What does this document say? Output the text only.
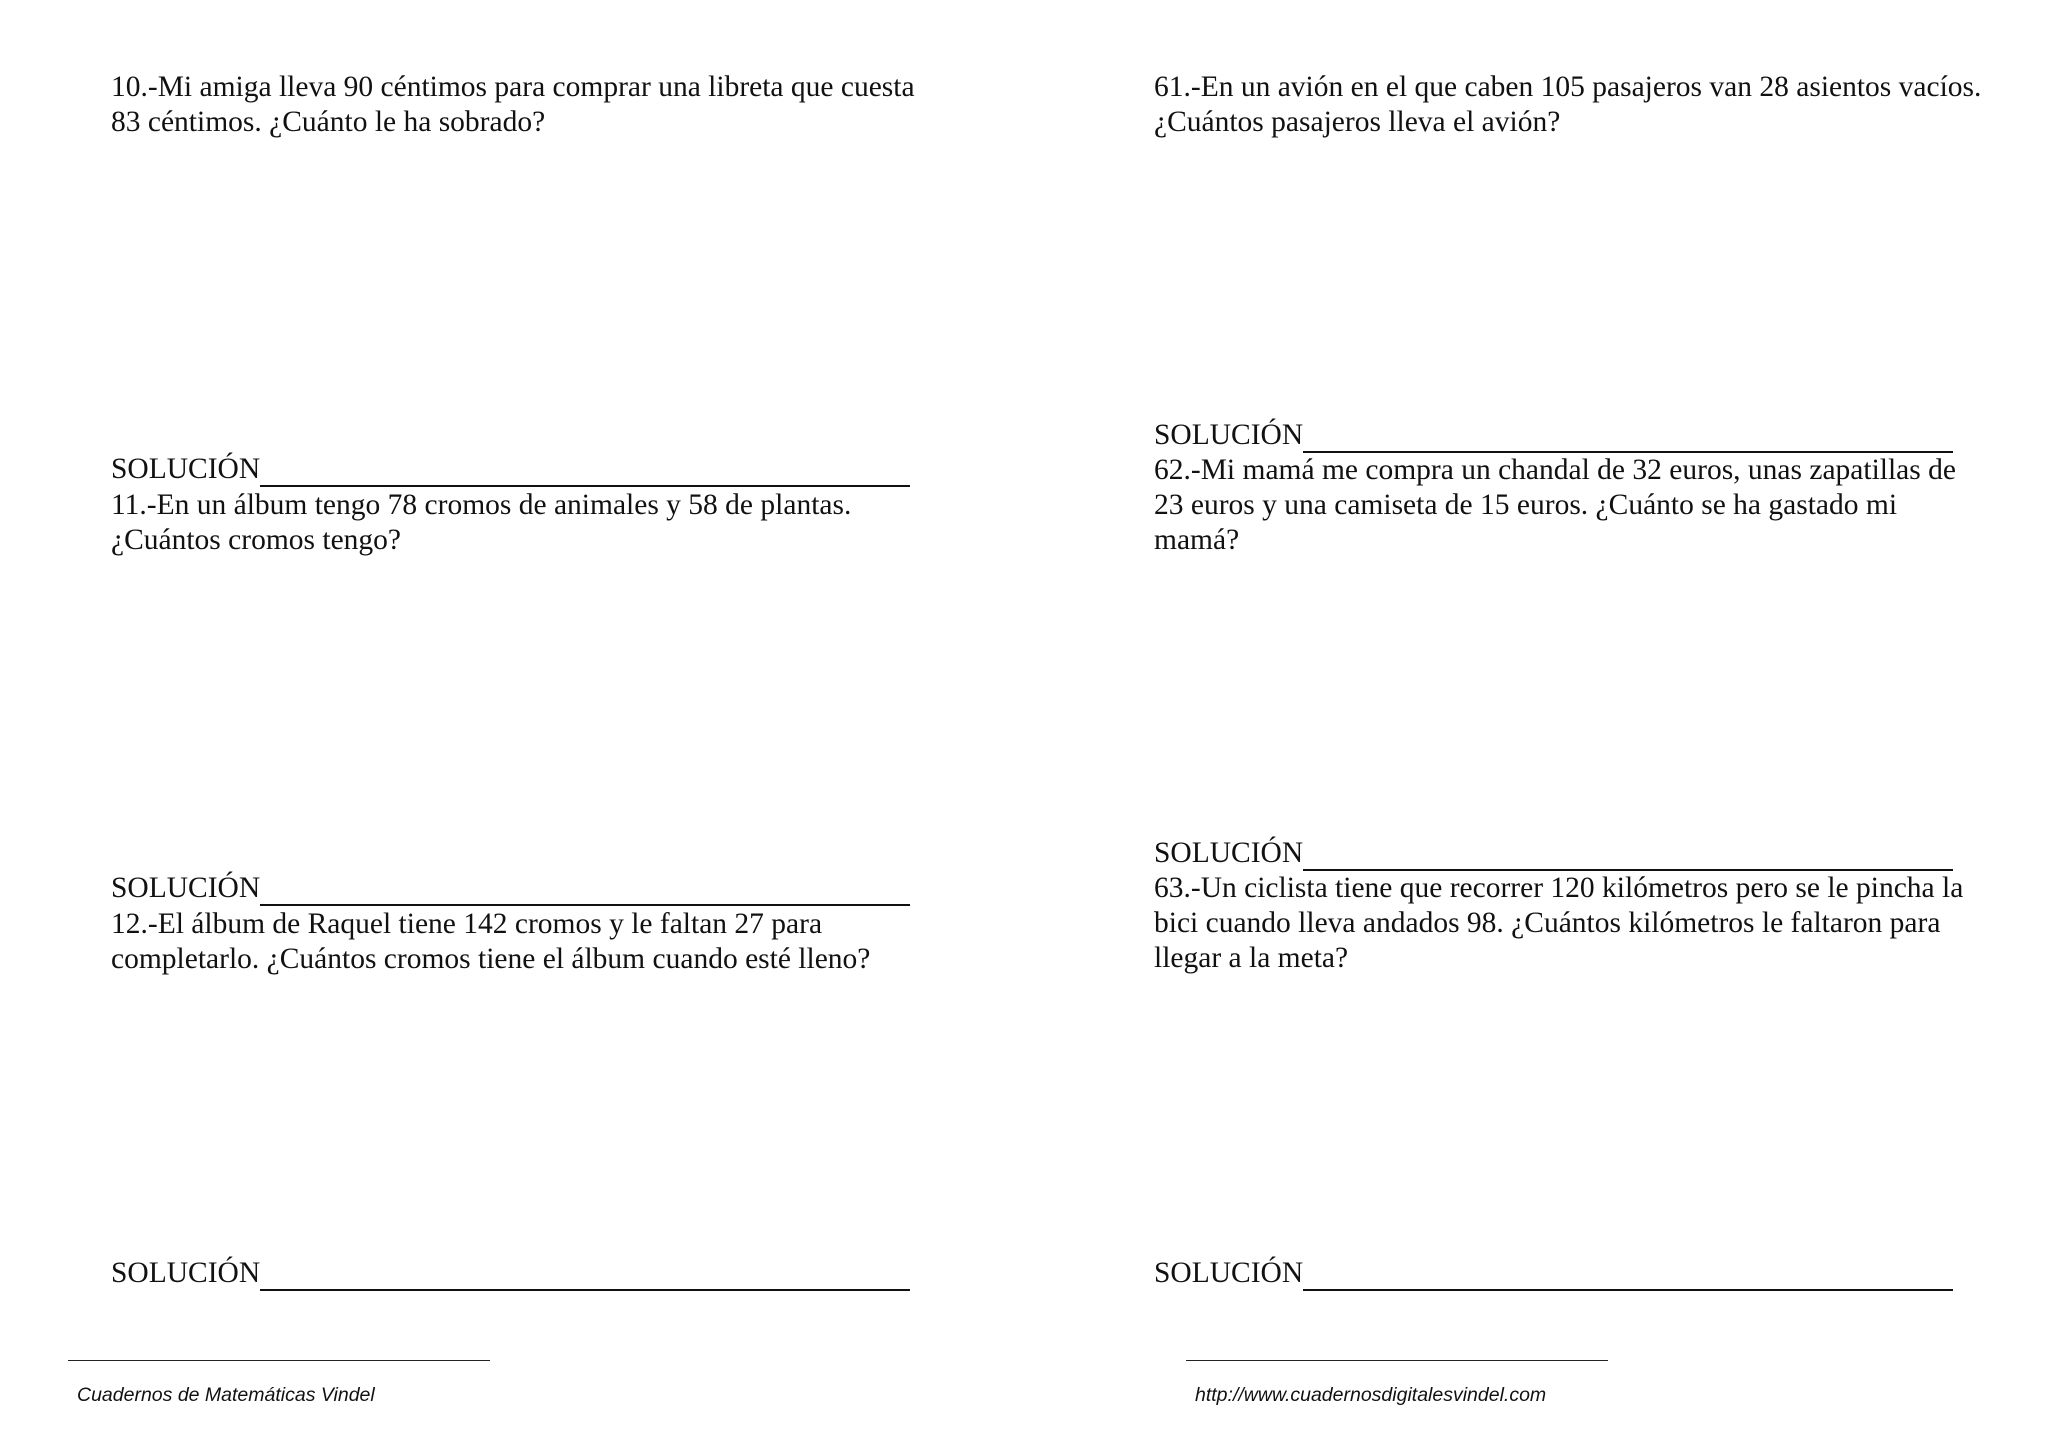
10.-Mi amiga lleva 90 céntimos para comprar una libreta que cuesta 83 céntimos. ¿Cuánto le ha sobrado?
SOLUCIÓN
11.-En un álbum tengo 78 cromos de animales y 58 de plantas. ¿Cuántos cromos tengo?
SOLUCIÓN
12.-El álbum de Raquel tiene 142 cromos y le faltan 27 para completarlo. ¿Cuántos cromos tiene el álbum cuando esté lleno?
SOLUCIÓN
61.-En un avión en el que caben 105 pasajeros van 28 asientos vacíos. ¿Cuántos pasajeros lleva el avión?
SOLUCIÓN
62.-Mi mamá me compra un chandal de 32 euros, unas zapatillas de 23 euros y una camiseta de 15 euros. ¿Cuánto se ha gastado mi mamá?
SOLUCIÓN
63.-Un ciclista tiene que recorrer 120 kilómetros pero se le pincha la bici cuando lleva andados 98. ¿Cuántos kilómetros le faltaron para llegar a la meta?
SOLUCIÓN
Cuadernos de Matemáticas Vindel	http://www.cuadernosdigitalesvindel.com
